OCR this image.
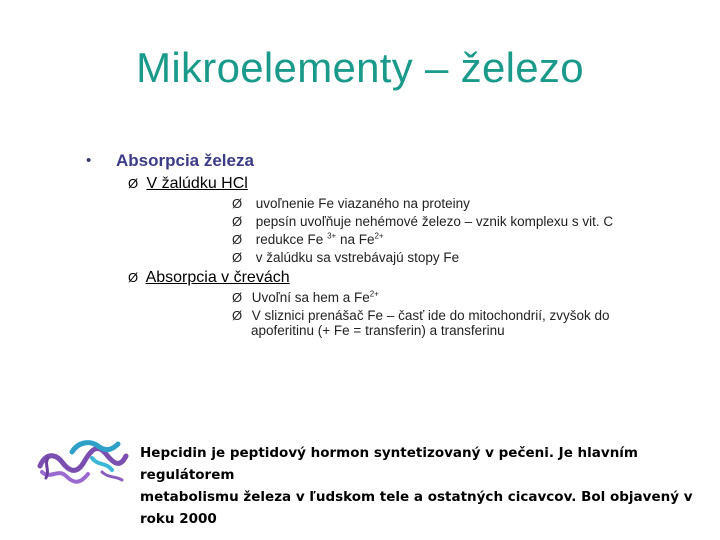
Mikroelementy – železo
• Absorpcia železa
Ø V žalúdku HCl
Ø uvoľnenie Fe viazaného na proteiny
Ø pepsín uvoľňuje nehémové železo – vznik komplexu s vit. C
Ø redukce Fe $^{3+}$ na $Fe^{2+}$
Ø v žalúdku sa vstrebávajú stopy Fe
Ø Absorpcia v črevách
Ø Uvoľní sa hem a $Fe^{2+}$
Ø V sliznici prenášač Fe – časť ide do mitochondrií, zvyšok do
apoferitinu (+ Fe = transferin) a transferinu
Hepcidin je peptidový hormon syntetizovaný v pečeni. Je hlavním regulátorem
metabolismu železa v ľudskom tele a ostatných cicavcov. Bol objavený v roku 2000
